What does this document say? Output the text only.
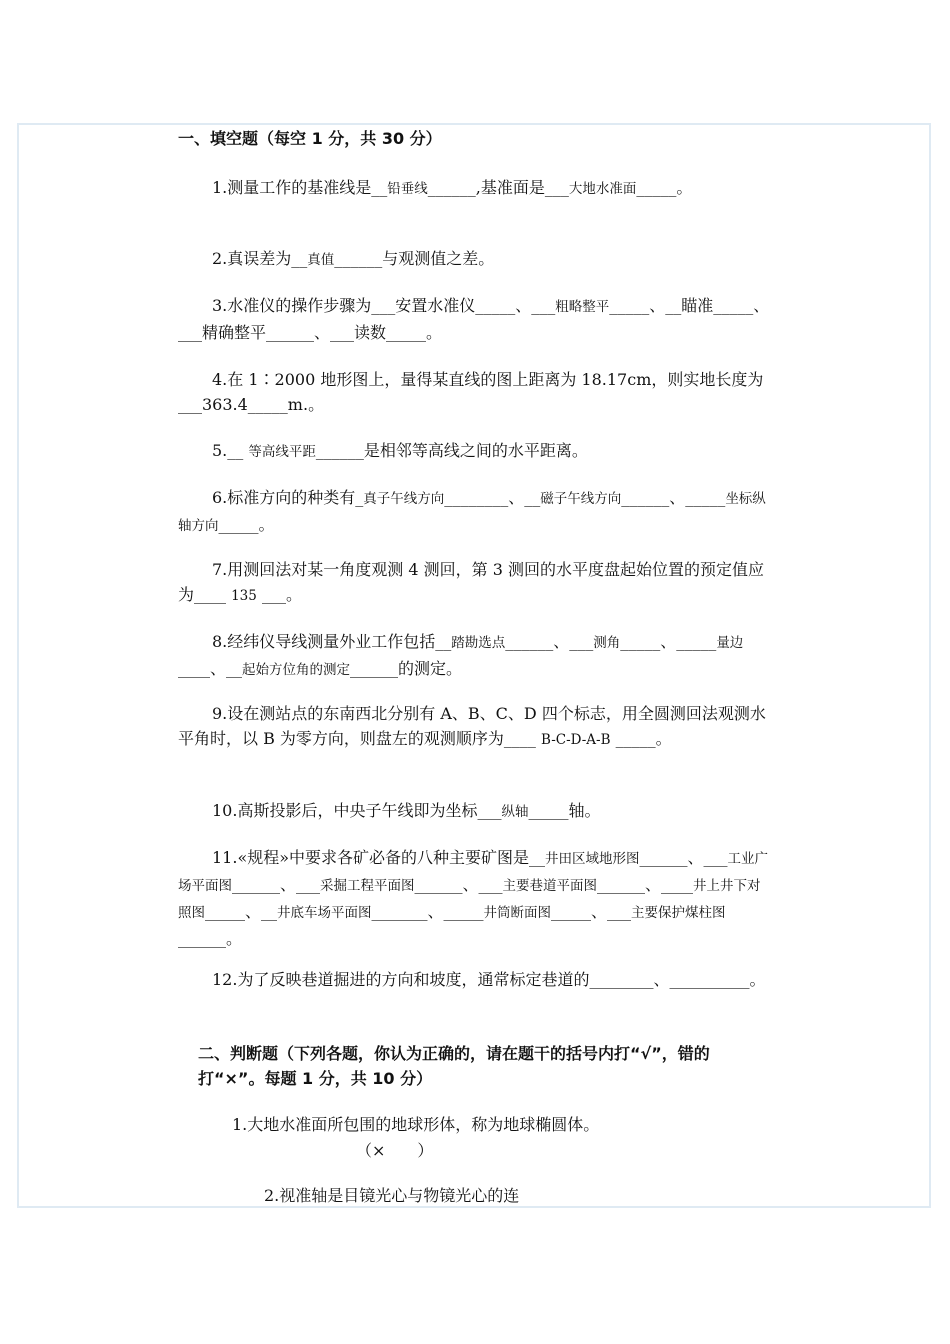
一、填空题（每空 1 分，共 30 分）
1.测量工作的基准线是__铅垂线______,基准面是___大地水准面_____。
2.真误差为__真值______与观测值之差。
3.水准仪的操作步骤为___安置水准仪_____、___粗略整平_____、__瞄准_____、___精确整平______、___读数_____。
4.在 1∶2000 地形图上，量得某直线的图上距离为 18.17cm，则实地长度为___363.4_____m.。
5.__ 等高线平距______是相邻等高线之间的水平距离。
6.标准方向的种类有_真子午线方向________、__磁子午线方向______、_____坐标纵轴方向_____。
7.用测回法对某一角度观测 4 测回，第 3 测回的水平度盘起始位置的预定值应为____ 135 ___。
8.经纬仪导线测量外业工作包括__踏勘选点______、___测角_____、_____量边____、__起始方位角的测定______的测定。
9.设在测站点的东南西北分别有 A、B、C、D 四个标志，用全圆测回法观测水平角时，以 B 为零方向，则盘左的观测顺序为____ B-C-D-A-B _____。
10.高斯投影后，中央子午线即为坐标___纵轴_____轴。
11.«规程»中要求各矿必备的八种主要矿图是__井田区域地形图______、___工业广场平面图______、___采掘工程平面图______、___主要巷道平面图______、____井上井下对照图_____、__井底车场平面图_______、_____井筒断面图_____、___主要保护煤柱图______。
12.为了反映巷道掘进的方向和坡度，通常标定巷道的________、__________。
二、判断题（下列各题，你认为正确的，请在题干的括号内打“√”，错的打“×”。每题 1 分，共 10 分）
1.大地水准面所包围的地球形体，称为地球椭圆体。
（×　　）
2.视准轴是目镜光心与物镜光心的连
